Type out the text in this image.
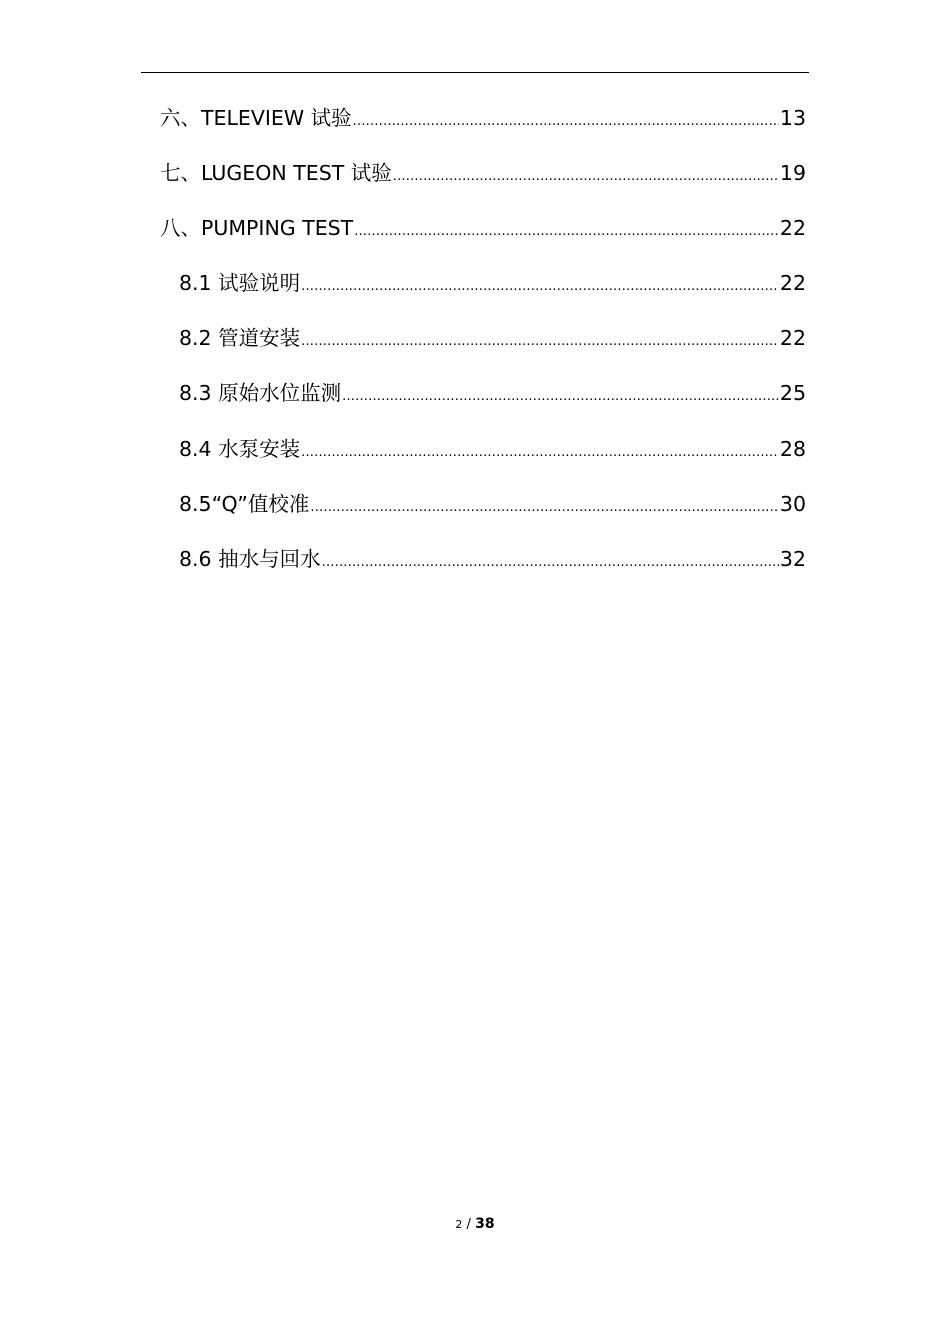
六、TELEVIEW 试验 .....	13
七、LUGEON TEST 试验 .....	19
八、PUMPING TEST .....	22
8.1 试验说明 .....	22
8.2 管道安装 .....	22
8.3 原始水位监测 .....	25
8.4 水泵安装 .....	28
8.5“Q”值校准 .....	30
8.6 抽水与回水 .....	32
2 / 38
